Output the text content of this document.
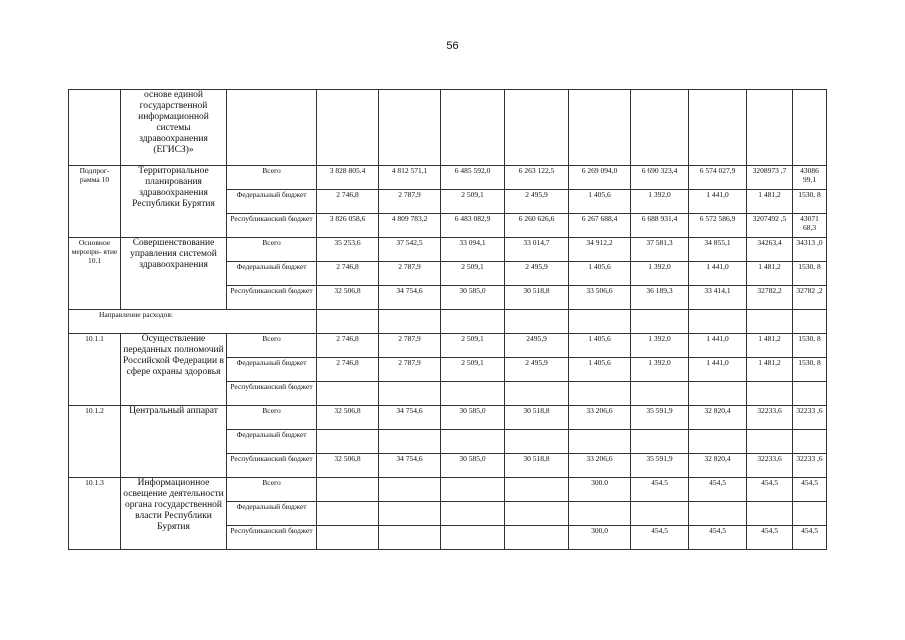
56
	основе единой государственной информационной системы здравоохранения (ЕГИСЗ)»										
Подпрог- рамма 10	Территориальное планирования здравоохранения Республики Бурятия	Всего	3 828 805.4	4 812 571,1	6 485 592,0	6 263 122,5	6 269 094,0	6 690 323,4	6 574 027,9	3208973 ,7	43086 99,1
		Федеральный бюджет	2 746,8	2 787,9	2 509,1	2 495,9	1 405,6	1 392,0	1 441,0	1 481,2	1530, 8
		Республиканский бюджет	3 826 058,6	4 809 783,2	6 483 082,9	6 260 626,6	6 267 688,4	6 688 931,4	6 572 586,9	3207492 ,5	43071 68,3
Основное меропри- ятие 10.1	Совершенствование управления системой здравоохранения	Всего	35 253,6	37 542,5	33 094,1	33 014,7	34 912,2	37 581,3	34 855,1	34263,4	34313 ,0
		Федеральный бюджет	2 746,8	2 787,9	2 509,1	2 495,9	1 405,6	1 392,0	1 441,0	1 481,2	1530, 8
		Республиканский бюджет	32 506,8	34 754,6	30 585,0	30 518,8	33 506,6	36 189,3	33 414,1	32782,2	32782 ,2
Направление расходов:											
10.1.1	Осуществление переданных полномочий Российской Федерации в сфере охраны здоровья	Всего	2 746,8	2 787,9	2 509,1	2495,9	1 405,6	1 392,0	1 441,0	1 481,2	1530, 8
		Федеральный бюджет	2 746,8	2 787,9	2 509,1	2 495,9	1 405,6	1 392,0	1 441,0	1 481,2	1530, 8
		Республиканский бюджет									
10.1.2	Центральный аппарат	Всего	32 506,8	34 754,6	30 585,0	30 518,8	33 206,6	35 591,9	32 820,4	32233,6	32233 ,6
		Федеральный бюджет									
		Республиканский бюджет	32 506,8	34 754,6	30 585,0	30 518,8	33 206,6	35 591,9	32 820,4	32233,6	32233 ,6
10.1.3	Информационное освещение деятельности органа государственной власти Республики Бурятия	Всего					300.0	454.5	454,5	454,5	454,5
		Федеральный бюджет									
		Республиканский бюджет					300,0	454,5	454,5	454,5	454,5
